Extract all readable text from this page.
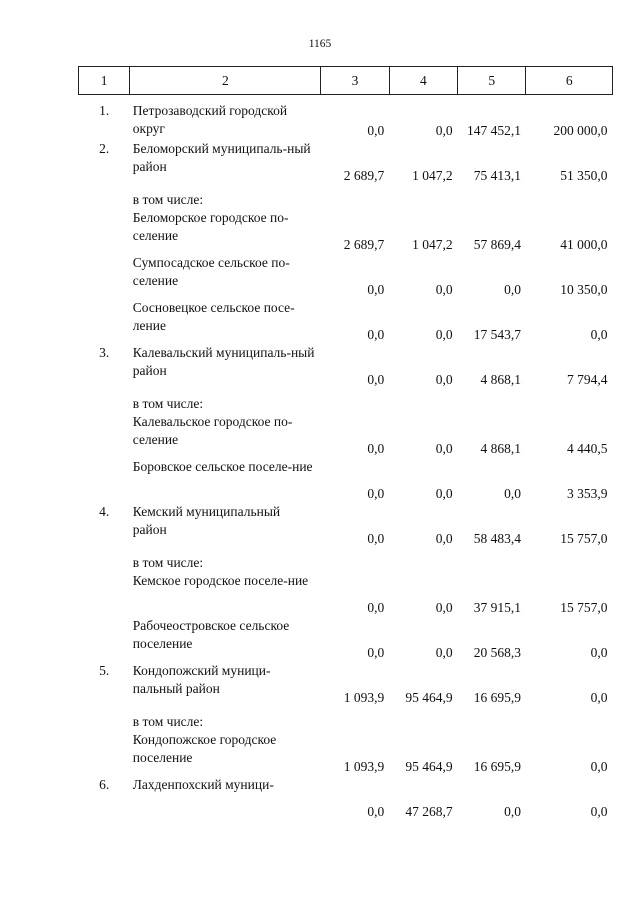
1165
1	2	3	4	5	6
1.	Петрозаводский городской округ	0,0	0,0	147 452,1	200 000,0
2.	Беломорский муниципаль-ный район	2 689,7	1 047,2	75 413,1	51 350,0
	в том числе:				
	Беломорское городское по-селение	2 689,7	1 047,2	57 869,4	41 000,0
	Сумпосадское сельское по-селение	0,0	0,0	0,0	10 350,0
	Сосновецкое сельское посе-ление	0,0	0,0	17 543,7	0,0
3.	Калевальский муниципаль-ный район	0,0	0,0	4 868,1	7 794,4
	в том числе:				
	Калевальское городское по-селение	0,0	0,0	4 868,1	4 440,5
	Боровское сельское поселе-ние	0,0	0,0	0,0	3 353,9
4.	Кемский муниципальный район	0,0	0,0	58 483,4	15 757,0
	в том числе:				
	Кемское городское поселе-ние	0,0	0,0	37 915,1	15 757,0
	Рабочеостровское сельское поселение	0,0	0,0	20 568,3	0,0
5.	Кондопожский муници-пальный район	1 093,9	95 464,9	16 695,9	0,0
	в том числе:				
	Кондопожское городское поселение	1 093,9	95 464,9	16 695,9	0,0
6.	Лахденпохский муници-	0,0	47 268,7	0,0	0,0
